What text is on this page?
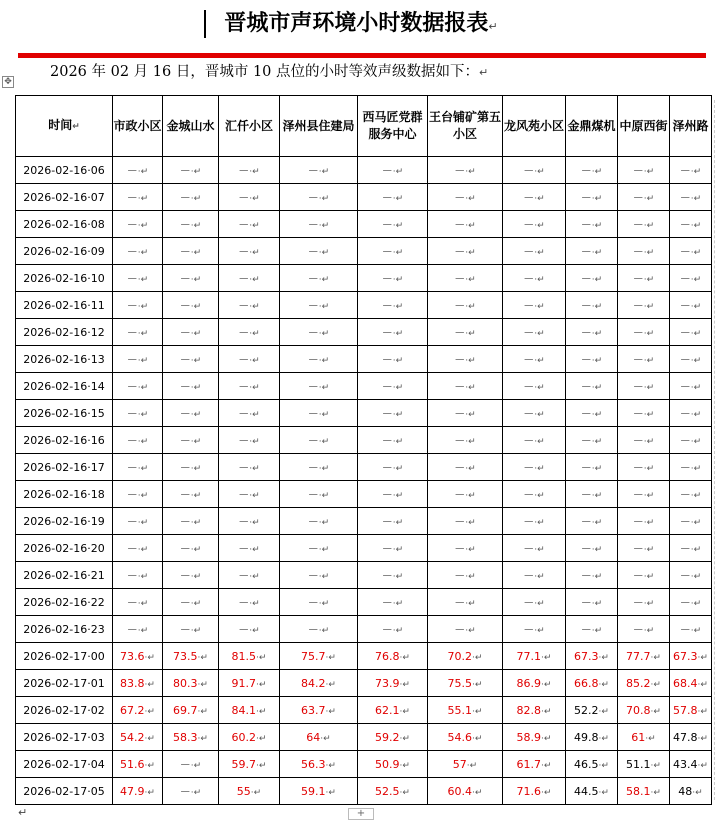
晋城市声环境小时数据报表↵
2026 年 02 月 16 日，晋城市 10 点位的小时等效声级数据如下：↵
✥
时间↵	市政小区	金城山水	汇仟小区	泽州县住建局	西马匠党群服务中心	王台铺矿第五小区	龙风苑小区	金鼎煤机	中原西街	泽州路
2026-02-16·06	－·↵	－·↵	－·↵	－·↵	－·↵	－·↵	－·↵	－·↵	－·↵	－·↵
2026-02-16·07	－·↵	－·↵	－·↵	－·↵	－·↵	－·↵	－·↵	－·↵	－·↵	－·↵
2026-02-16·08	－·↵	－·↵	－·↵	－·↵	－·↵	－·↵	－·↵	－·↵	－·↵	－·↵
2026-02-16·09	－·↵	－·↵	－·↵	－·↵	－·↵	－·↵	－·↵	－·↵	－·↵	－·↵
2026-02-16·10	－·↵	－·↵	－·↵	－·↵	－·↵	－·↵	－·↵	－·↵	－·↵	－·↵
2026-02-16·11	－·↵	－·↵	－·↵	－·↵	－·↵	－·↵	－·↵	－·↵	－·↵	－·↵
2026-02-16·12	－·↵	－·↵	－·↵	－·↵	－·↵	－·↵	－·↵	－·↵	－·↵	－·↵
2026-02-16·13	－·↵	－·↵	－·↵	－·↵	－·↵	－·↵	－·↵	－·↵	－·↵	－·↵
2026-02-16·14	－·↵	－·↵	－·↵	－·↵	－·↵	－·↵	－·↵	－·↵	－·↵	－·↵
2026-02-16·15	－·↵	－·↵	－·↵	－·↵	－·↵	－·↵	－·↵	－·↵	－·↵	－·↵
2026-02-16·16	－·↵	－·↵	－·↵	－·↵	－·↵	－·↵	－·↵	－·↵	－·↵	－·↵
2026-02-16·17	－·↵	－·↵	－·↵	－·↵	－·↵	－·↵	－·↵	－·↵	－·↵	－·↵
2026-02-16·18	－·↵	－·↵	－·↵	－·↵	－·↵	－·↵	－·↵	－·↵	－·↵	－·↵
2026-02-16·19	－·↵	－·↵	－·↵	－·↵	－·↵	－·↵	－·↵	－·↵	－·↵	－·↵
2026-02-16·20	－·↵	－·↵	－·↵	－·↵	－·↵	－·↵	－·↵	－·↵	－·↵	－·↵
2026-02-16·21	－·↵	－·↵	－·↵	－·↵	－·↵	－·↵	－·↵	－·↵	－·↵	－·↵
2026-02-16·22	－·↵	－·↵	－·↵	－·↵	－·↵	－·↵	－·↵	－·↵	－·↵	－·↵
2026-02-16·23	－·↵	－·↵	－·↵	－·↵	－·↵	－·↵	－·↵	－·↵	－·↵	－·↵
2026-02-17·00	73.6·↵	73.5·↵	81.5·↵	75.7·↵	76.8·↵	70.2·↵	77.1·↵	67.3·↵	77.7·↵	67.3·↵
2026-02-17·01	83.8·↵	80.3·↵	91.7·↵	84.2·↵	73.9·↵	75.5·↵	86.9·↵	66.8·↵	85.2·↵	68.4·↵
2026-02-17·02	67.2·↵	69.7·↵	84.1·↵	63.7·↵	62.1·↵	55.1·↵	82.8·↵	52.2·↵	70.8·↵	57.8·↵
2026-02-17·03	54.2·↵	58.3·↵	60.2·↵	64·↵	59.2·↵	54.6·↵	58.9·↵	49.8·↵	61·↵	47.8·↵
2026-02-17·04	51.6·↵	－·↵	59.7·↵	56.3·↵	50.9·↵	57·↵	61.7·↵	46.5·↵	51.1·↵	43.4·↵
2026-02-17·05	47.9·↵	－·↵	55·↵	59.1·↵	52.5·↵	60.4·↵	71.6·↵	44.5·↵	58.1·↵	48·↵
+
↵
